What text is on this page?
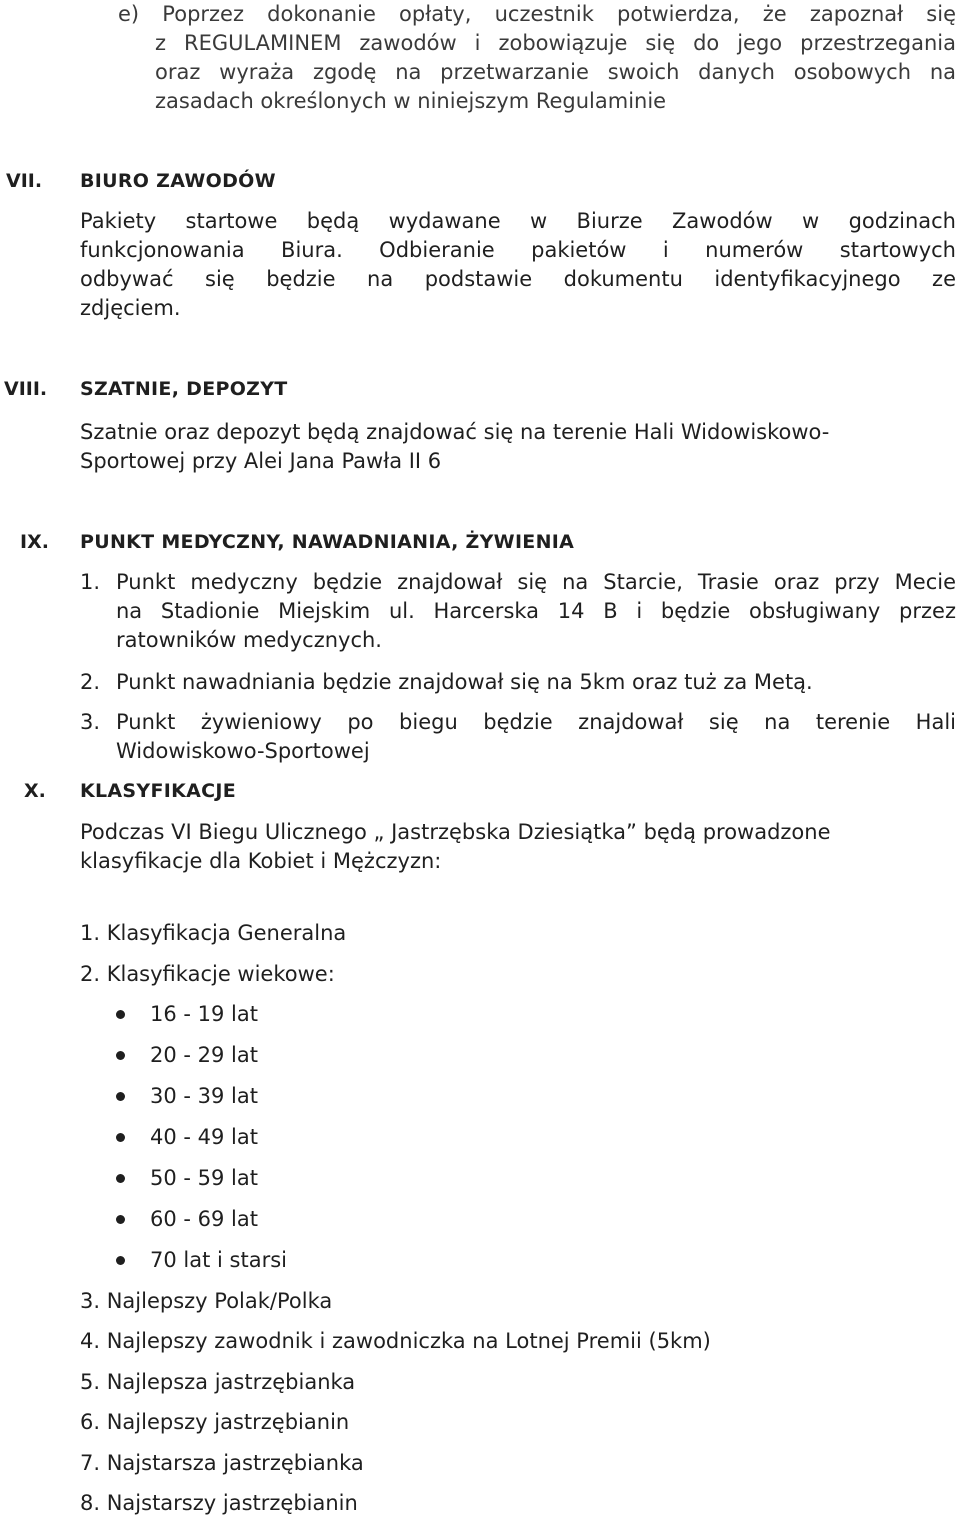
e) Poprzez dokonanie opłaty, uczestnik potwierdza, że zapoznał się
z REGULAMINEM zawodów i zobowiązuje się do jego przestrzegania
oraz wyraża zgodę na przetwarzanie swoich danych osobowych na
zasadach określonych w niniejszym Regulaminie
VII. BIURO ZAWODÓW
Pakiety startowe będą wydawane w Biurze Zawodów w godzinach
funkcjonowania Biura. Odbieranie pakietów i numerów startowych
odbywać się będzie na podstawie dokumentu identyfikacyjnego ze
zdjęciem.
VIII. SZATNIE, DEPOZYT
Szatnie oraz depozyt będą znajdować się na terenie Hali Widowiskowo-
Sportowej przy Alei Jana Pawła II 6
IX. PUNKT MEDYCZNY, NAWADNIANIA, ŻYWIENIA
1. Punkt medyczny będzie znajdował się na Starcie, Trasie oraz przy Mecie
na Stadionie Miejskim ul. Harcerska 14 B i będzie obsługiwany przez
ratowników medycznych.
2. Punkt nawadniania będzie znajdował się na 5km oraz tuż za Metą.
3. Punkt żywieniowy po biegu będzie znajdował się na terenie Hali
Widowiskowo-Sportowej
X. KLASYFIKACJE
Podczas VI Biegu Ulicznego „ Jastrzębska Dziesiątka” będą prowadzone
klasyfikacje dla Kobiet i Mężczyzn:
1. Klasyfikacja Generalna
2. Klasyfikacje wiekowe:
16 - 19 lat
20 - 29 lat
30 - 39 lat
40 - 49 lat
50 - 59 lat
60 - 69 lat
70 lat i starsi
3. Najlepszy Polak/Polka
4. Najlepszy zawodnik i zawodniczka na Lotnej Premii (5km)
5. Najlepsza jastrzębianka
6. Najlepszy jastrzębianin
7. Najstarsza jastrzębianka
8. Najstarszy jastrzębianin
